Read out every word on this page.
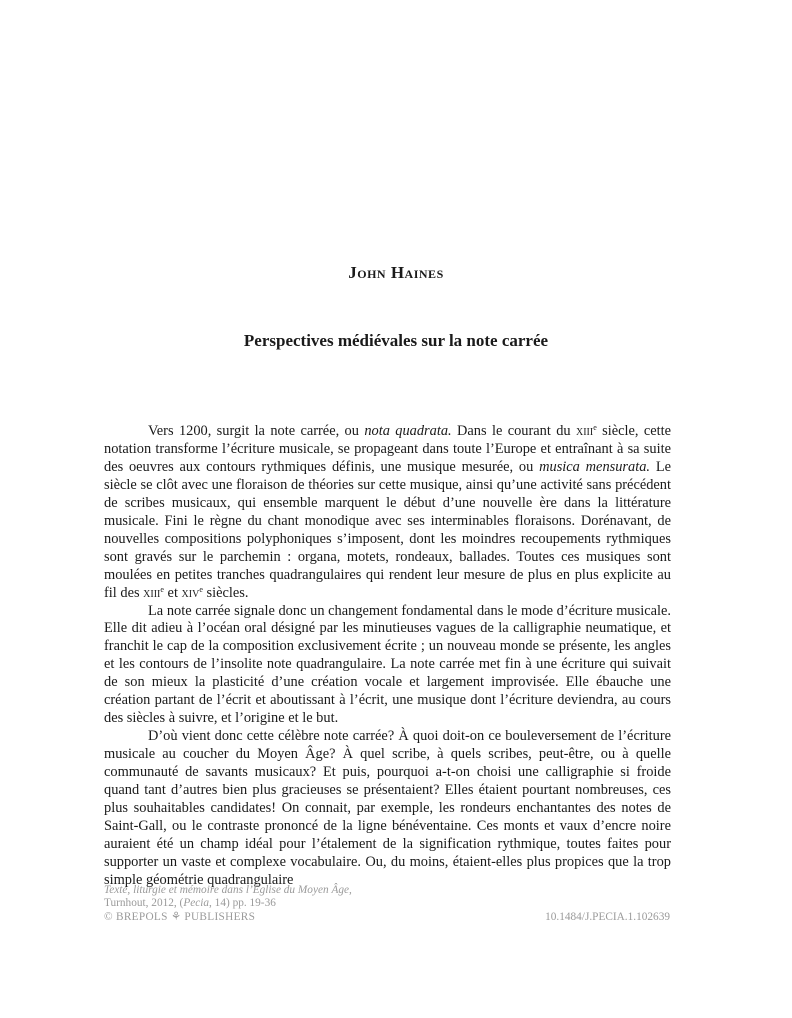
John Haines
Perspectives médiévales sur la note carrée

Vers 1200, surgit la note carrée, ou nota quadrata. Dans le courant du xiii$^e$ siècle, cette notation transforme l’écriture musicale, se propageant dans toute l’Europe et entraînant à sa suite des oeuvres aux contours rythmiques définis, une musique mesurée, ou musica mensurata. Le siècle se clôt avec une floraison de théories sur cette musique, ainsi qu’une activité sans précédent de scribes musicaux, qui ensemble marquent le début d’une nouvelle ère dans la littérature musicale. Fini le règne du chant monodique avec ses interminables floraisons. Dorénavant, de nouvelles compositions polyphoniques s’imposent, dont les moindres recoupements rythmiques sont gravés sur le parchemin : organa, motets, rondeaux, ballades. Toutes ces musiques sont moulées en petites tranches quadrangulaires qui rendent leur mesure de plus en plus explicite au fil des xiii$^e$ et xiv$^e$ siècles.

La note carrée signale donc un changement fondamental dans le mode d’écriture musicale. Elle dit adieu à l’océan oral désigné par les minutieuses vagues de la calligraphie neumatique, et franchit le cap de la composition exclusivement écrite ; un nouveau monde se présente, les angles et les contours de l’insolite note quadrangulaire. La note carrée met fin à une écriture qui suivait de son mieux la plasticité d’une création vocale et largement improvisée. Elle ébauche une création partant de l’écrit et aboutissant à l’écrit, une musique dont l’écriture deviendra, au cours des siècles à suivre, et l’origine et le but.

D’où vient donc cette célèbre note carrée? À quoi doit-on ce bouleversement de l’écriture musicale au coucher du Moyen Âge? À quel scribe, à quels scribes, peut-être, ou à quelle communauté de savants musicaux? Et puis, pourquoi a-t-on choisi une calligraphie si froide quand tant d’autres bien plus gracieuses se présentaient? Elles étaient pourtant nombreuses, ces plus souhaitables candidates! On connait, par exemple, les rondeurs enchantantes des notes de Saint-Gall, ou le contraste prononcé de la ligne bénéventaine. Ces monts et vaux d’encre noire auraient été un champ idéal pour l’étalement de la signification rythmique, toutes faites pour supporter un vaste et complexe vocabulaire. Ou, du moins, étaient-elles plus propices que la trop simple géométrie quadrangulaire

Texte, liturgie et mémoire dans l’Église du Moyen Âge,
Turnhout, 2012, (Pecia, 14) pp. 19-36
© BREPOLS ⚘ PUBLISHERS	10.1484/J.PECIA.1.102639
